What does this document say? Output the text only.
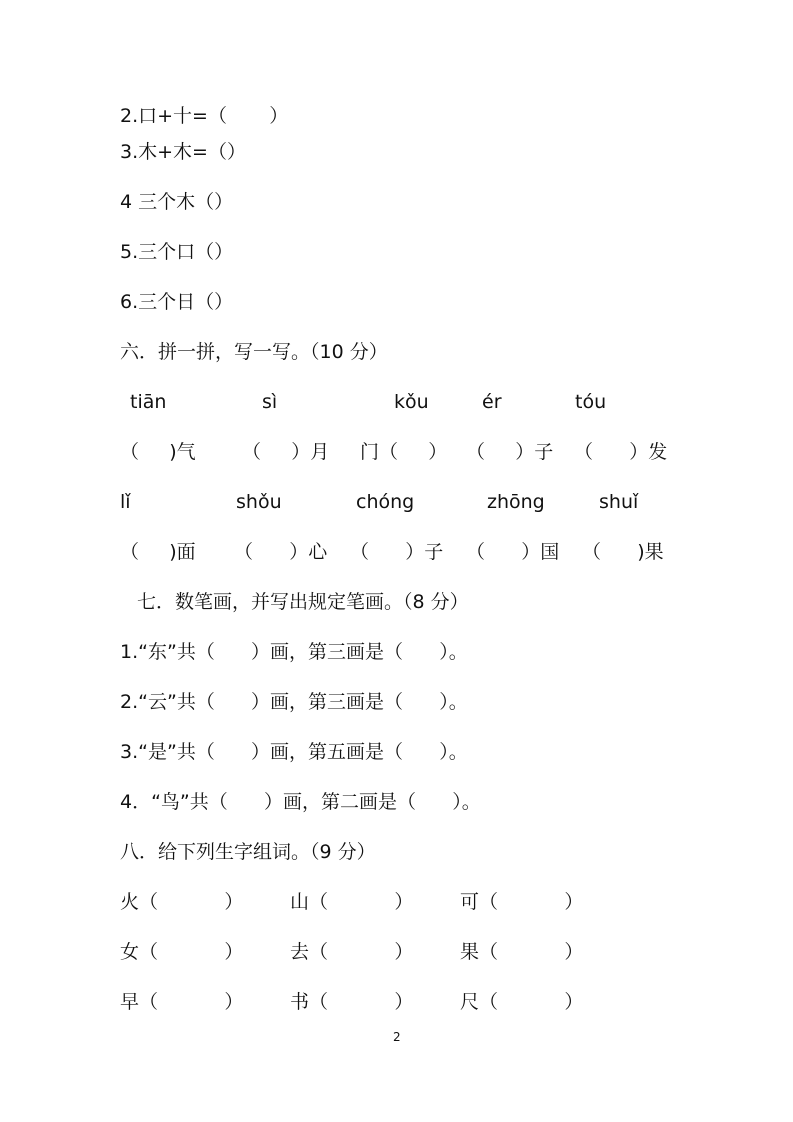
2.口+十=（       ）
3.木+木=（）
4 三个木（）
5.三个口（）
6.三个日（）
六．拼一拼，写一写。（10 分）
tiān	sì	kǒu	ér	tóu
（     )气 （     ）月 门（     ） （     ）子 （      ）发
lǐ	shǒu	chóng	zhōng	shuǐ
（     )面 （      ）心 （      ）子 （      ）国 （      )果
七．数笔画，并写出规定笔画。（8 分）
1.“东”共（      ）画，第三画是（      ）。
2.“云”共（      ）画，第三画是（      ）。
3.“是”共（      ）画，第五画是（      ）。
4．“鸟”共（      ）画，第二画是（      ）。
八．给下列生字组词。（9 分）
火（           ） 山（           ） 可（           ）
女（           ） 去（           ） 果（           ）
早（           ） 书（           ） 尺（           ）
2
